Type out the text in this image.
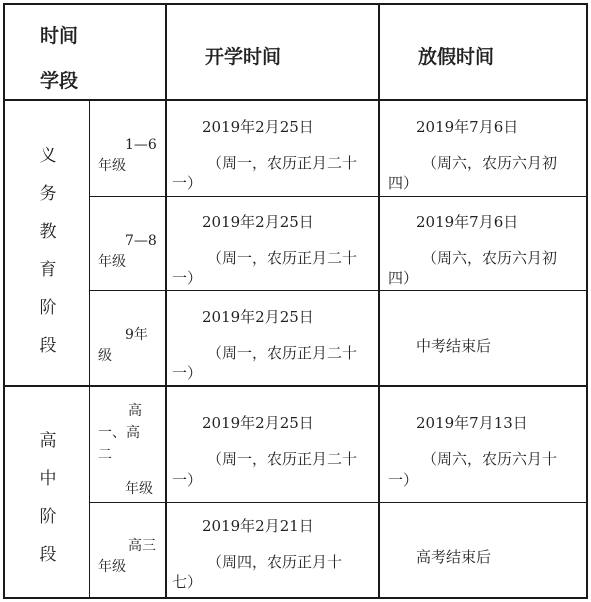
时间
学段
开学时间	放假时间
义
务
教
育
阶
段
高
中
阶
段
1—6
年级
2019年2月25日
（周一，农历正月二十
一）
2019年7月6日
（周六，农历六月初
四）
7—8
年级
2019年2月25日
（周一，农历正月二十
一）
2019年7月6日
（周六，农历六月初
四）
9年
级
2019年2月25日
（周一，农历正月二十
一）
中考结束后
高
一、高
二
年级
2019年2月25日
（周一，农历正月二十
一）
2019年7月13日
（周六，农历六月十
一）
高三
年级
2019年2月21日
（周四，农历正月十
七）
高考结束后
